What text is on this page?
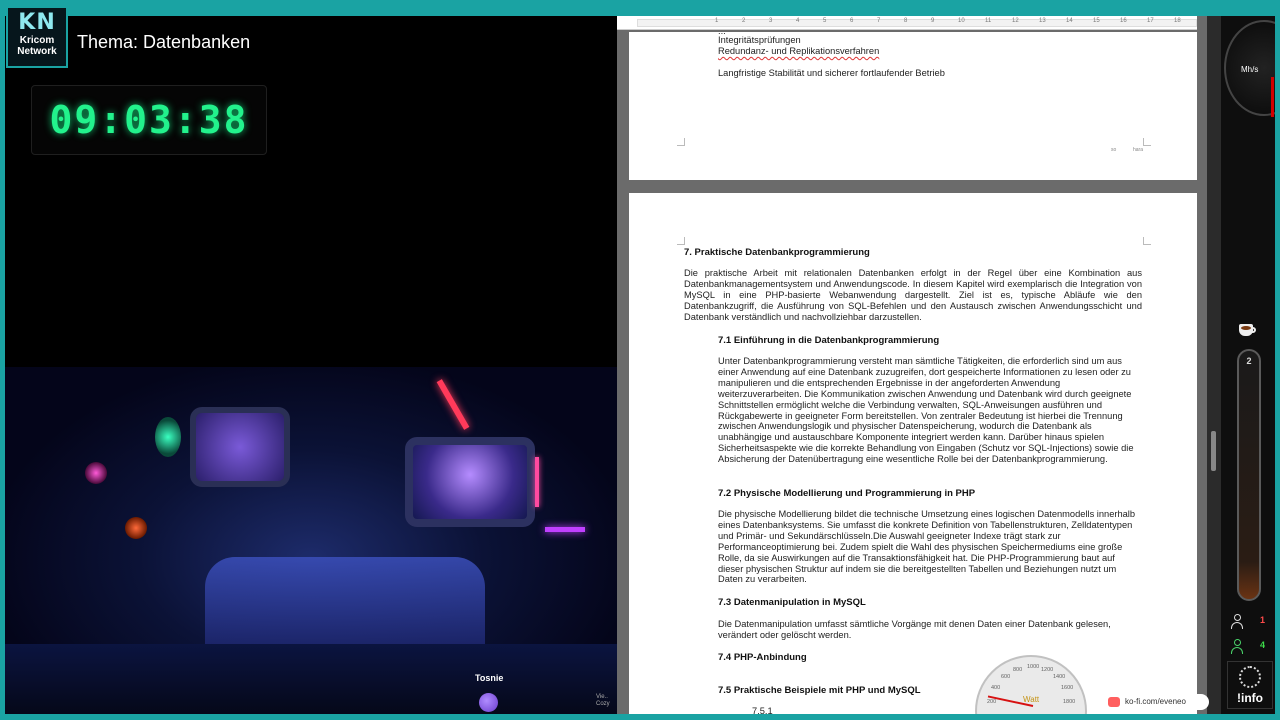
KN
Kricom
Network	Thema: Datenbanken
09:03:38
Tosnie
Vie..
Cozy
1	2	3	4	5	6	7	8	9	10	11	12	13	14	15	16	17	18
...
Integritätsprüfungen
Redundanz- und Replikationsverfahren
Langfristige Stabilität und sicherer fortlaufender Betrieb
so	hara
7. Praktische Datenbankprogrammierung
Die praktische Arbeit mit relationalen Datenbanken erfolgt in der Regel über eine Kombination aus Datenbankmanagementsystem und Anwendungscode. In diesem Kapitel wird exemplarisch die Integration von MySQL in eine PHP-basierte Webanwendung dargestellt. Ziel ist es, typische Abläufe wie den Datenbankzugriff, die Ausführung von SQL-Befehlen und den Austausch zwischen Anwendungsschicht und Datenbank verständlich und nachvollziehbar darzustellen.
7.1 Einführung in die Datenbankprogrammierung
Unter Datenbankprogrammierung versteht man sämtliche Tätigkeiten, die erforderlich sind um aus einer Anwendung auf eine Datenbank zuzugreifen, dort gespeicherte Informationen zu lesen oder zu manipulieren und die entsprechenden Ergebnisse in der angeforderten Anwendung weiterzuverarbeiten. Die Kommunikation zwischen Anwendung und Datenbank wird durch geeignete Schnittstellen ermöglicht welche die Verbindung verwalten, SQL-Anweisungen ausführen und Rückgabewerte in geeigneter Form bereitstellen. Von zentraler Bedeutung ist hierbei die Trennung zwischen Anwendungslogik und physischer Datenspeicherung, wodurch die Datenbank als unabhängige und austauschbare Komponente integriert werden kann. Darüber hinaus spielen Sicherheitsaspekte wie die korrekte Behandlung von Eingaben (Schutz vor SQL-Injections) sowie die Absicherung der Datenübertragung eine wesentliche Rolle bei der Datenbankprogrammierung.
7.2 Physische Modellierung und Programmierung in PHP
Die physische Modellierung bildet die technische Umsetzung eines logischen Datenmodells innerhalb eines Datenbanksystems. Sie umfasst die konkrete Definition von Tabellenstrukturen, Zelldatentypen und Primär- und Sekundärschlüsseln.Die Auswahl geeigneter Indexe trägt stark zur Performanceoptimierung bei. Zudem spielt die Wahl des physischen Speichermediums eine große Rolle, da sie Auswirkungen auf die Transaktionsfähigkeit hat. Die PHP-Programmierung baut auf dieser physischen Struktur auf indem sie die bereitgestellten Tabellen und Beziehungen nutzt um Daten zu verarbeiten.
7.3 Datenmanipulation in MySQL
Die Datenmanipulation umfasst sämtliche Vorgänge mit denen Daten einer Datenbank gelesen, verändert oder gelöscht werden.
7.4 PHP-Anbindung
7.5 Praktische Beispiele mit PHP und MySQL
7.5.1
200
400
600
800 1000 1200
1400
1600
1800
Watt	ko-fi.com/eveneo
Mh/s
2
1
4
!info
